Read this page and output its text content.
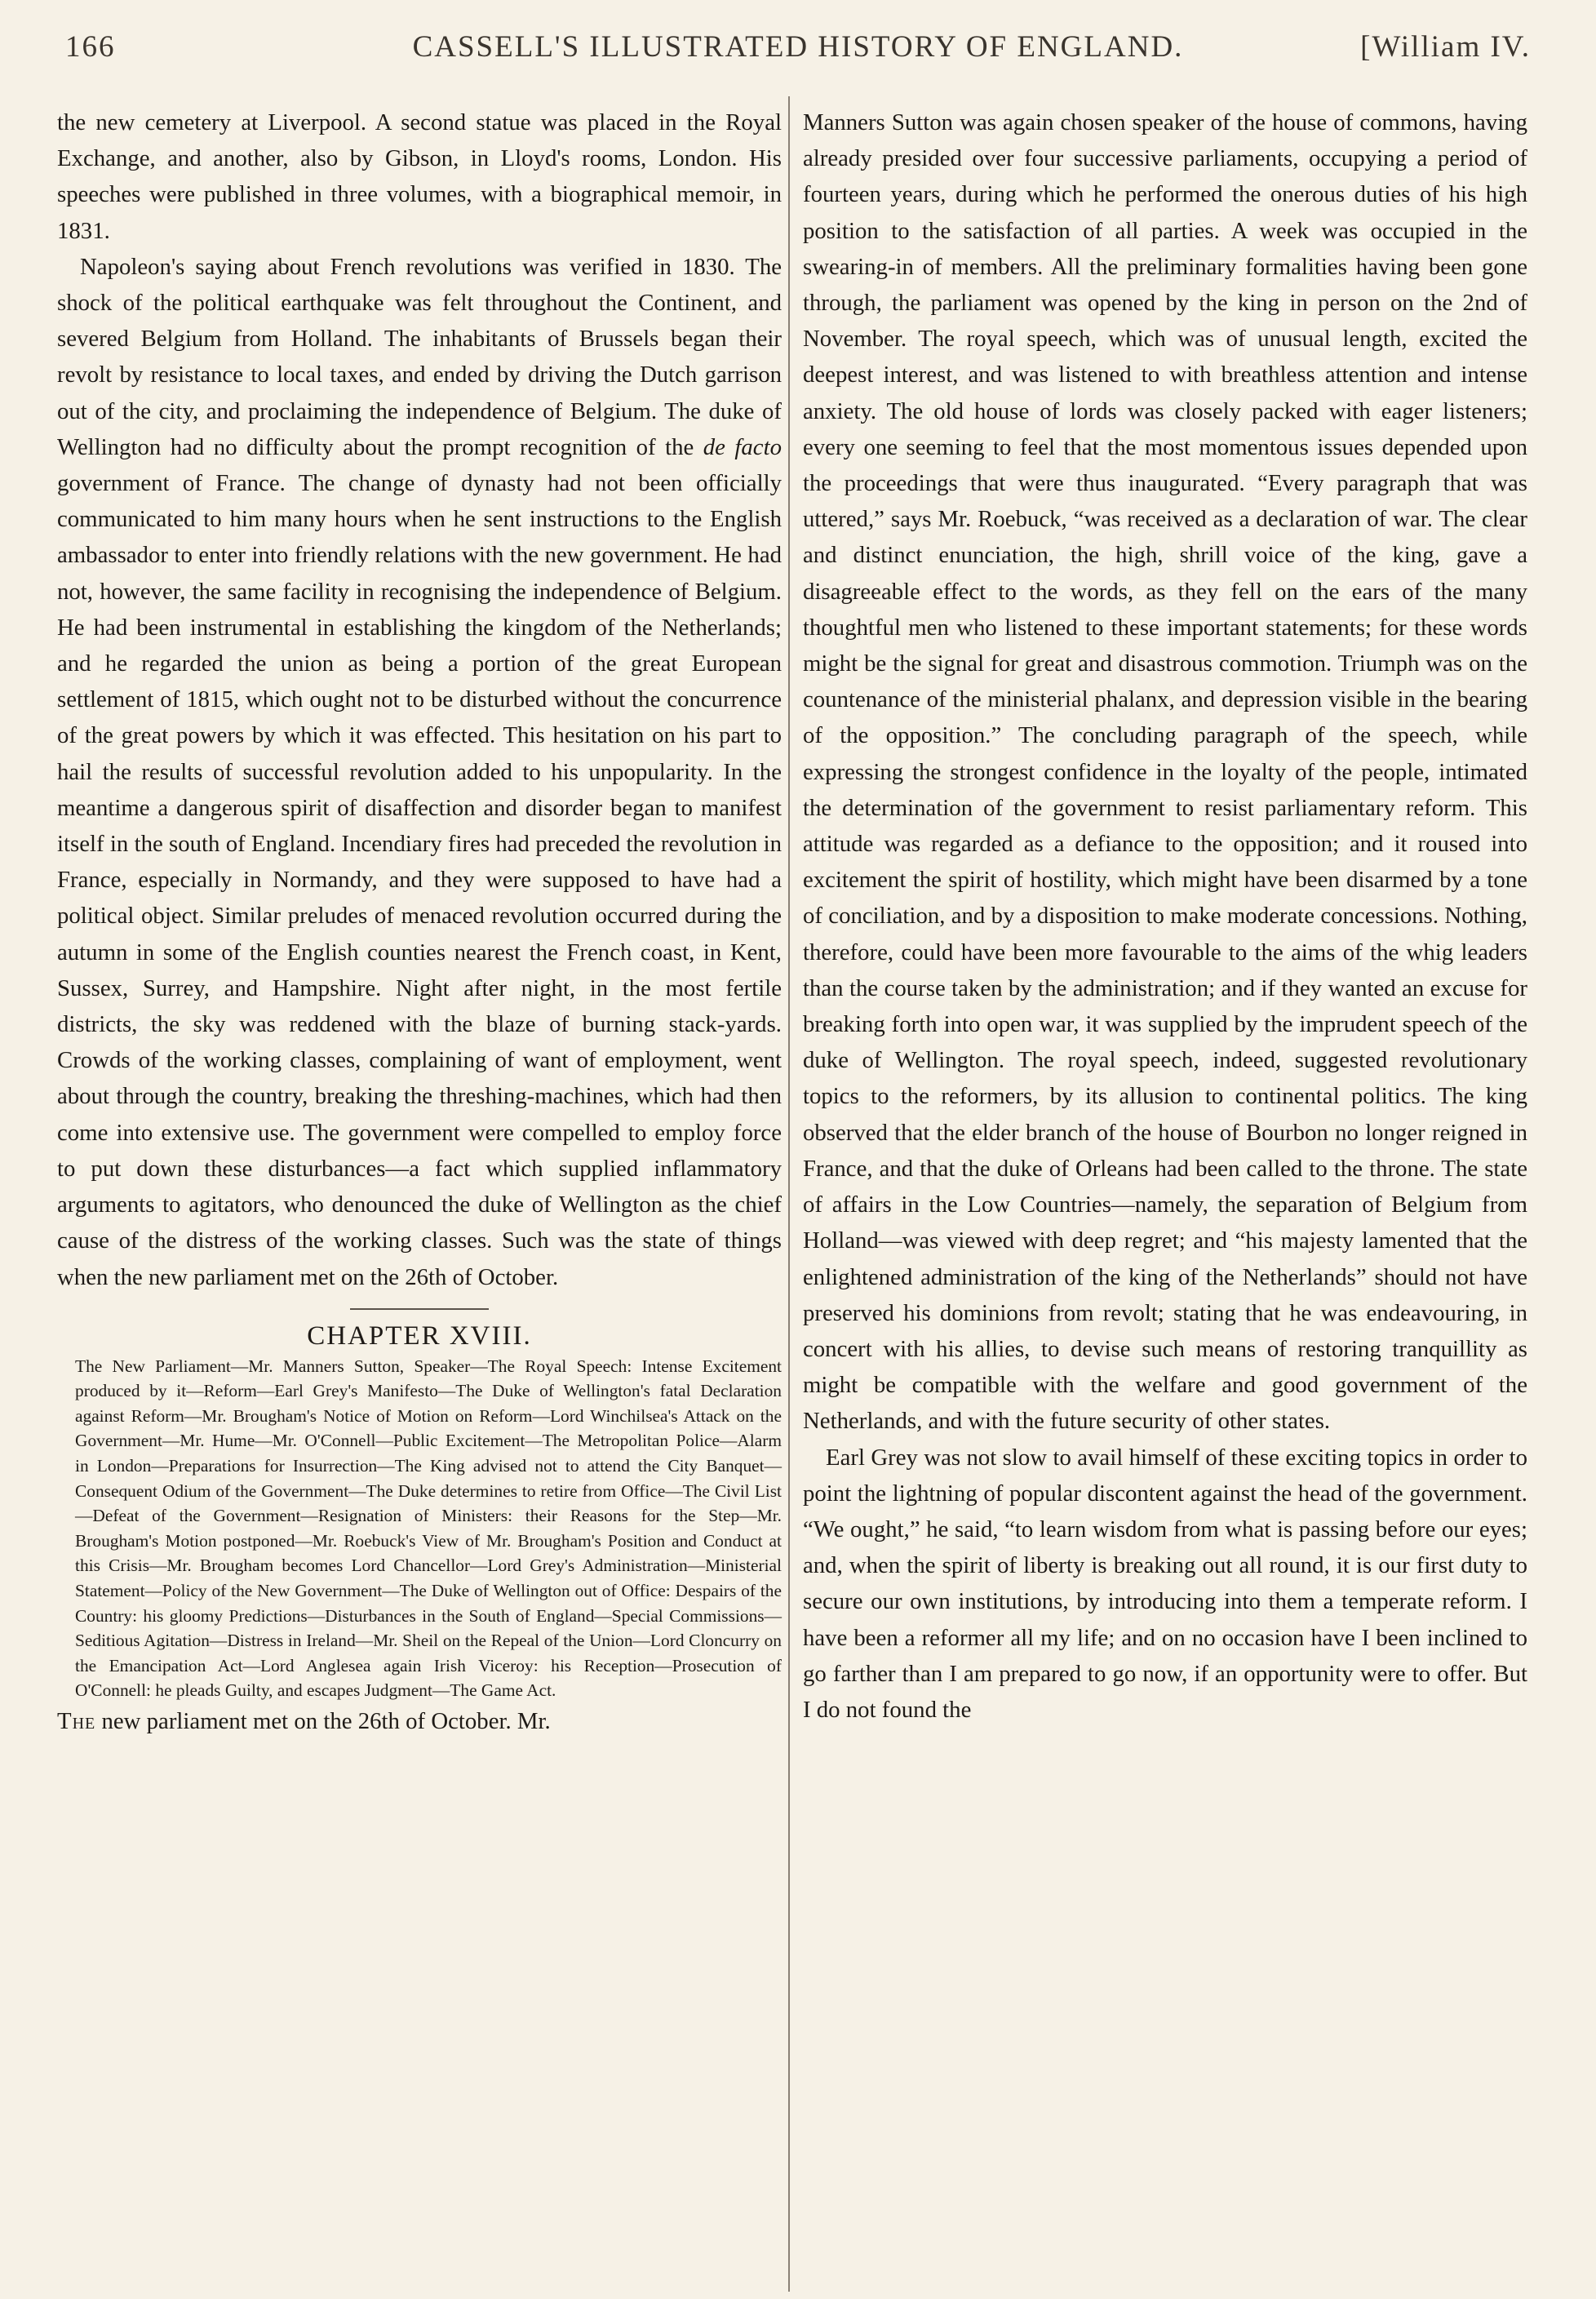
166	CASSELL'S ILLUSTRATED HISTORY OF ENGLAND.	[William IV.

the new cemetery at Liverpool. A second statue was placed in the Royal Exchange, and another, also by Gibson, in Lloyd's rooms, London. His speeches were published in three volumes, with a biographical memoir, in 1831.

Napoleon's saying about French revolutions was verified in 1830. The shock of the political earthquake was felt throughout the Continent, and severed Belgium from Holland. The inhabitants of Brussels began their revolt by resistance to local taxes, and ended by driving the Dutch garrison out of the city, and proclaiming the independence of Belgium. The duke of Wellington had no difficulty about the prompt recognition of the de facto government of France. The change of dynasty had not been officially communicated to him many hours when he sent instructions to the English ambassador to enter into friendly relations with the new government. He had not, however, the same facility in recognising the independence of Belgium. He had been instrumental in establishing the kingdom of the Netherlands; and he regarded the union as being a portion of the great European settlement of 1815, which ought not to be disturbed without the concurrence of the great powers by which it was effected. This hesitation on his part to hail the results of successful revolution added to his unpopularity. In the meantime a dangerous spirit of disaffection and disorder began to manifest itself in the south of England. Incendiary fires had preceded the revolution in France, especially in Normandy, and they were supposed to have had a political object. Similar preludes of menaced revolution occurred during the autumn in some of the English counties nearest the French coast, in Kent, Sussex, Surrey, and Hampshire. Night after night, in the most fertile districts, the sky was reddened with the blaze of burning stack-yards. Crowds of the working classes, complaining of want of employment, went about through the country, breaking the threshing-machines, which had then come into extensive use. The government were compelled to employ force to put down these disturbances—a fact which supplied inflammatory arguments to agitators, who denounced the duke of Wellington as the chief cause of the distress of the working classes. Such was the state of things when the new parliament met on the 26th of October.

CHAPTER XVIII.

The New Parliament—Mr. Manners Sutton, Speaker—The Royal Speech: Intense Excitement produced by it—Reform—Earl Grey's Manifesto—The Duke of Wellington's fatal Declaration against Reform—Mr. Brougham's Notice of Motion on Reform—Lord Winchilsea's Attack on the Government—Mr. Hume—Mr. O'Connell—Public Excitement—The Metropolitan Police—Alarm in London—Preparations for Insurrection—The King advised not to attend the City Banquet—Consequent Odium of the Government—The Duke determines to retire from Office—The Civil List—Defeat of the Government—Resignation of Ministers: their Reasons for the Step—Mr. Brougham's Motion postponed—Mr. Roebuck's View of Mr. Brougham's Position and Conduct at this Crisis—Mr. Brougham becomes Lord Chancellor—Lord Grey's Administration—Ministerial Statement—Policy of the New Government—The Duke of Wellington out of Office: Despairs of the Country: his gloomy Predictions—Disturbances in the South of England—Special Commissions—Seditious Agitation—Distress in Ireland—Mr. Sheil on the Repeal of the Union—Lord Cloncurry on the Emancipation Act—Lord Anglesea again Irish Viceroy: his Reception—Prosecution of O'Connell: he pleads Guilty, and escapes Judgment—The Game Act.

The new parliament met on the 26th of October. Mr.

Manners Sutton was again chosen speaker of the house of commons, having already presided over four successive parliaments, occupying a period of fourteen years, during which he performed the onerous duties of his high position to the satisfaction of all parties. A week was occupied in the swearing-in of members. All the preliminary formalities having been gone through, the parliament was opened by the king in person on the 2nd of November. The royal speech, which was of unusual length, excited the deepest interest, and was listened to with breathless attention and intense anxiety. The old house of lords was closely packed with eager listeners; every one seeming to feel that the most momentous issues depended upon the proceedings that were thus inaugurated. “Every paragraph that was uttered,” says Mr. Roebuck, “was received as a declaration of war. The clear and distinct enunciation, the high, shrill voice of the king, gave a disagreeable effect to the words, as they fell on the ears of the many thoughtful men who listened to these important statements; for these words might be the signal for great and disastrous commotion. Triumph was on the countenance of the ministerial phalanx, and depression visible in the bearing of the opposition.” The concluding paragraph of the speech, while expressing the strongest confidence in the loyalty of the people, intimated the determination of the government to resist parliamentary reform. This attitude was regarded as a defiance to the opposition; and it roused into excitement the spirit of hostility, which might have been disarmed by a tone of conciliation, and by a disposition to make moderate concessions. Nothing, therefore, could have been more favourable to the aims of the whig leaders than the course taken by the administration; and if they wanted an excuse for breaking forth into open war, it was supplied by the imprudent speech of the duke of Wellington. The royal speech, indeed, suggested revolutionary topics to the reformers, by its allusion to continental politics. The king observed that the elder branch of the house of Bourbon no longer reigned in France, and that the duke of Orleans had been called to the throne. The state of affairs in the Low Countries—namely, the separation of Belgium from Holland—was viewed with deep regret; and “his majesty lamented that the enlightened administration of the king of the Netherlands” should not have preserved his dominions from revolt; stating that he was endeavouring, in concert with his allies, to devise such means of restoring tranquillity as might be compatible with the welfare and good government of the Netherlands, and with the future security of other states.

Earl Grey was not slow to avail himself of these exciting topics in order to point the lightning of popular discontent against the head of the government. “We ought,” he said, “to learn wisdom from what is passing before our eyes; and, when the spirit of liberty is breaking out all round, it is our first duty to secure our own institutions, by introducing into them a temperate reform. I have been a reformer all my life; and on no occasion have I been inclined to go farther than I am prepared to go now, if an opportunity were to offer. But I do not found the
